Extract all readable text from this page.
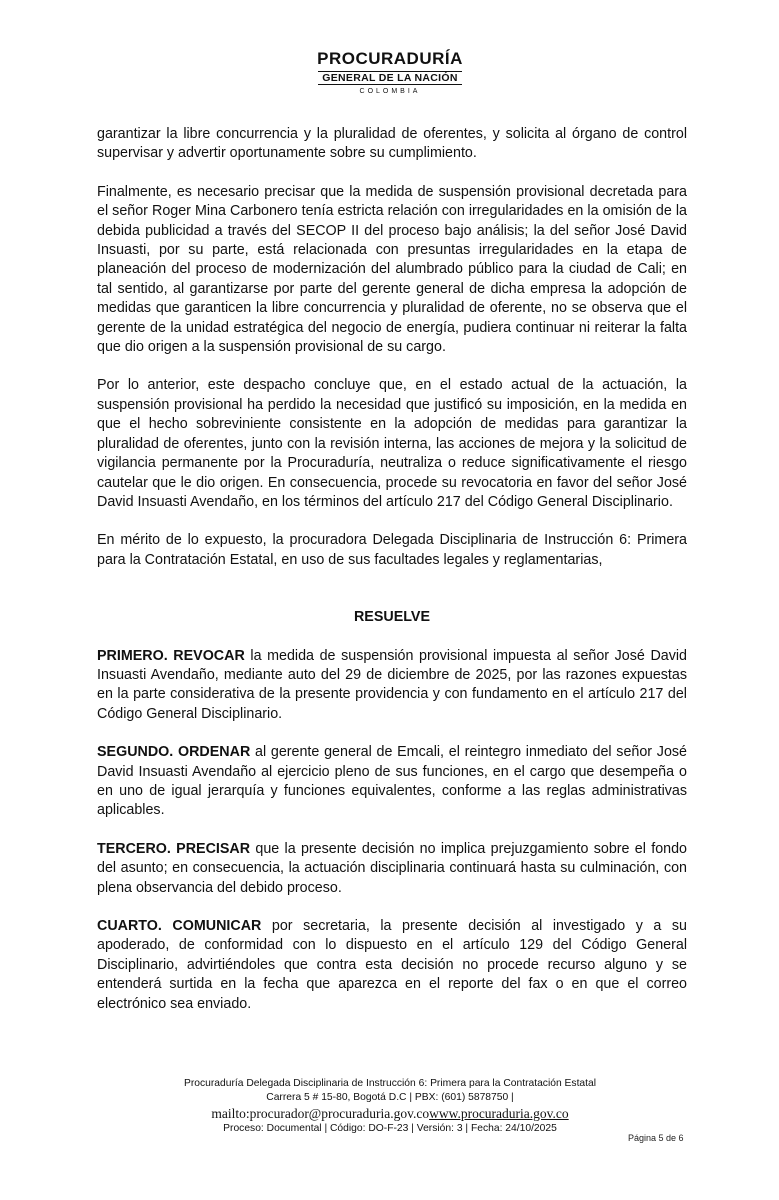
PROCURADURÍA
GENERAL DE LA NACIÓN
COLOMBIA

garantizar la libre concurrencia y la pluralidad de oferentes, y solicita al órgano de control supervisar y advertir oportunamente sobre su cumplimiento.

Finalmente, es necesario precisar que la medida de suspensión provisional decretada para el señor Roger Mina Carbonero tenía estricta relación con irregularidades en la omisión de la debida publicidad a través del SECOP II del proceso bajo análisis; la del señor José David Insuasti, por su parte, está relacionada con presuntas irregularidades en la etapa de planeación del proceso de modernización del alumbrado público para la ciudad de Cali; en tal sentido, al garantizarse por parte del gerente general de dicha empresa la adopción de medidas que garanticen la libre concurrencia y pluralidad de oferente, no se observa que el gerente de la unidad estratégica del negocio de energía, pudiera continuar ni reiterar la falta que dio origen a la suspensión provisional de su cargo.

Por lo anterior, este despacho concluye que, en el estado actual de la actuación, la suspensión provisional ha perdido la necesidad que justificó su imposición, en la medida en que el hecho sobreviniente consistente en la adopción de medidas para garantizar la pluralidad de oferentes, junto con la revisión interna, las acciones de mejora y la solicitud de vigilancia permanente por la Procuraduría, neutraliza o reduce significativamente el riesgo cautelar que le dio origen. En consecuencia, procede su revocatoria en favor del señor José David Insuasti Avendaño, en los términos del artículo 217 del Código General Disciplinario.

En mérito de lo expuesto, la procuradora Delegada Disciplinaria de Instrucción 6: Primera para la Contratación Estatal, en uso de sus facultades legales y reglamentarias,

RESUELVE

PRIMERO. REVOCAR la medida de suspensión provisional impuesta al señor José David Insuasti Avendaño, mediante auto del 29 de diciembre de 2025, por las razones expuestas en la parte considerativa de la presente providencia y con fundamento en el artículo 217 del Código General Disciplinario.

SEGUNDO. ORDENAR al gerente general de Emcali, el reintegro inmediato del señor José David Insuasti Avendaño al ejercicio pleno de sus funciones, en el cargo que desempeña o en uno de igual jerarquía y funciones equivalentes, conforme a las reglas administrativas aplicables.

TERCERO. PRECISAR que la presente decisión no implica prejuzgamiento sobre el fondo del asunto; en consecuencia, la actuación disciplinaria continuará hasta su culminación, con plena observancia del debido proceso.

CUARTO. COMUNICAR por secretaria, la presente decisión al investigado y a su apoderado, de conformidad con lo dispuesto en el artículo 129 del Código General Disciplinario, advirtiéndoles que contra esta decisión no procede recurso alguno y se entenderá surtida en la fecha que aparezca en el reporte del fax o en que el correo electrónico sea enviado.

Procuraduría Delegada Disciplinaria de Instrucción 6: Primera para la Contratación Estatal
Carrera 5 # 15-80, Bogotá D.C | PBX: (601) 5878750 |
mailto:procurador@procuraduria.gov.cowww.procuraduria.gov.co
Proceso: Documental | Código: DO-F-23 | Versión: 3 | Fecha: 24/10/2025
Página 5 de 6
